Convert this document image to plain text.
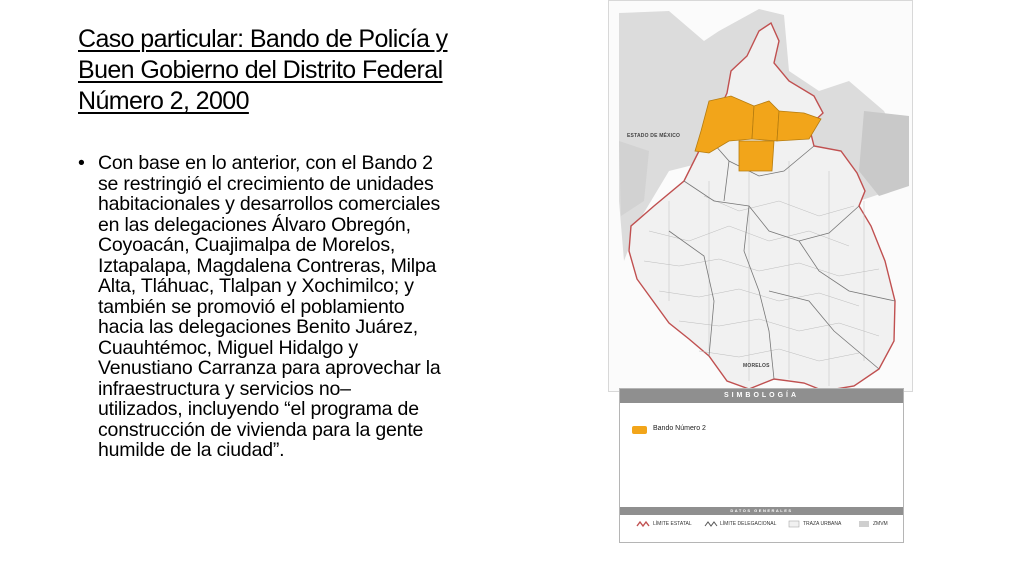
Caso particular: Bando de Policía y
Buen Gobierno del Distrito Federal
Número 2, 2000
• Con base en lo anterior, con el Bando 2
se restringió el crecimiento de unidades
habitacionales y desarrollos comerciales
en las delegaciones Álvaro Obregón,
Coyoacán, Cuajimalpa de Morelos,
Iztapalapa, Magdalena Contreras, Milpa
Alta, Tláhuac, Tlalpan y Xochimilco; y
también se promovió el poblamiento
hacia las delegaciones Benito Juárez,
Cuauhtémoc, Miguel Hidalgo y
Venustiano Carranza para aprovechar la
infraestructura y servicios no–
utilizados, incluyendo “el programa de
construcción de vivienda para la gente
humilde de la ciudad”.
ESTADO DE MÉXICO
MORELOS
SIMBOLOGÍA
Bando Número 2
DATOS GENERALES
LÍMITE ESTATAL	LÍMITE DELEGACIONAL	TRAZA URBANA	ZMVM
